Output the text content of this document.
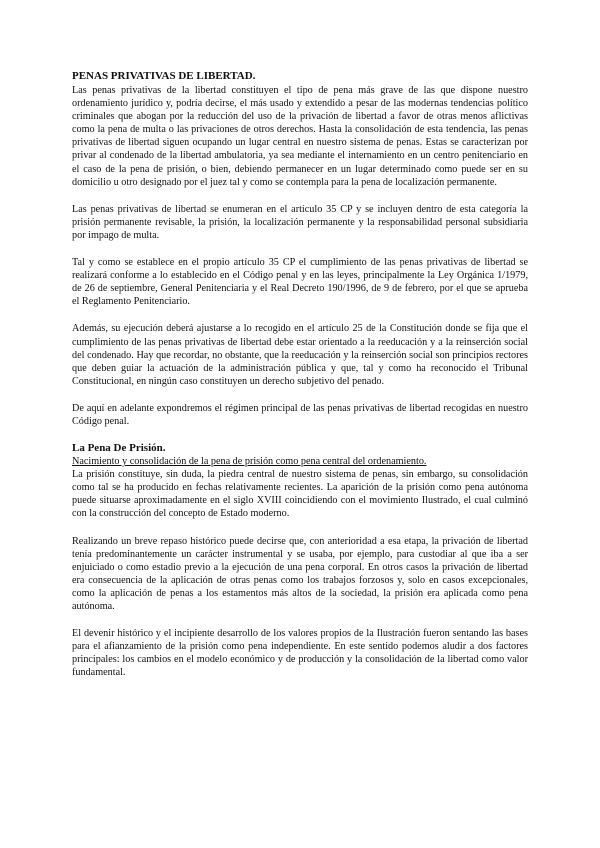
PENAS PRIVATIVAS DE LIBERTAD.

Las penas privativas de la libertad constituyen el tipo de pena más grave de las que dispone nuestro ordenamiento jurídico y, podría decirse, el más usado y extendido a pesar de las modernas tendencias político criminales que abogan por la reducción del uso de la privación de libertad a favor de otras menos aflictivas como la pena de multa o las privaciones de otros derechos. Hasta la consolidación de esta tendencia, las penas privativas de libertad siguen ocupando un lugar central en nuestro sistema de penas. Estas se caracterizan por privar al condenado de la libertad ambulatoria, ya sea mediante el internamiento en un centro penitenciario en el caso de la pena de prisión, o bien, debiendo permanecer en un lugar determinado como puede ser en su domicilio u otro designado por el juez tal y como se contempla para la pena de localización permanente.

Las penas privativas de libertad se enumeran en el artículo 35 CP y se incluyen dentro de esta categoría la prisión permanente revisable, la prisión, la localización permanente y la responsabilidad personal subsidiaria por impago de multa.

Tal y como se establece en el propio artículo 35 CP el cumplimiento de las penas privativas de libertad se realizará conforme a lo establecido en el Código penal y en las leyes, principalmente la Ley Orgánica 1/1979, de 26 de septiembre, General Penitenciaria y el Real Decreto 190/1996, de 9 de febrero, por el que se aprueba el Reglamento Penitenciario.

Además, su ejecución deberá ajustarse a lo recogido en el artículo 25 de la Constitución donde se fija que el cumplimiento de las penas privativas de libertad debe estar orientado a la reeducación y a la reinserción social del condenado. Hay que recordar, no obstante, que la reeducación y la reinserción social son principios rectores que deben guiar la actuación de la administración pública y que, tal y como ha reconocido el Tribunal Constitucional, en ningún caso constituyen un derecho subjetivo del penado.

De aquí en adelante expondremos el régimen principal de las penas privativas de libertad recogidas en nuestro Código penal.

La Pena De Prisión.
Nacimiento y consolidación de la pena de prisión como pena central del ordenamiento.

La prisión constituye, sin duda, la piedra central de nuestro sistema de penas, sin embargo, su consolidación como tal se ha producido en fechas relativamente recientes. La aparición de la prisión como pena autónoma puede situarse aproximadamente en el siglo XVIII coincidiendo con el movimiento Ilustrado, el cual culminó con la construcción del concepto de Estado moderno.

Realizando un breve repaso histórico puede decirse que, con anterioridad a esa etapa, la privación de libertad tenía predominantemente un carácter instrumental y se usaba, por ejemplo, para custodiar al que iba a ser enjuiciado o como estadio previo a la ejecución de una pena corporal. En otros casos la privación de libertad era consecuencia de la aplicación de otras penas como los trabajos forzosos y, solo en casos excepcionales, como la aplicación de penas a los estamentos más altos de la sociedad, la prisión era aplicada como pena autónoma.

El devenir histórico y el incipiente desarrollo de los valores propios de la Ilustración fueron sentando las bases para el afianzamiento de la prisión como pena independiente. En este sentido podemos aludir a dos factores principales: los cambios en el modelo económico y de producción y la consolidación de la libertad como valor fundamental.
